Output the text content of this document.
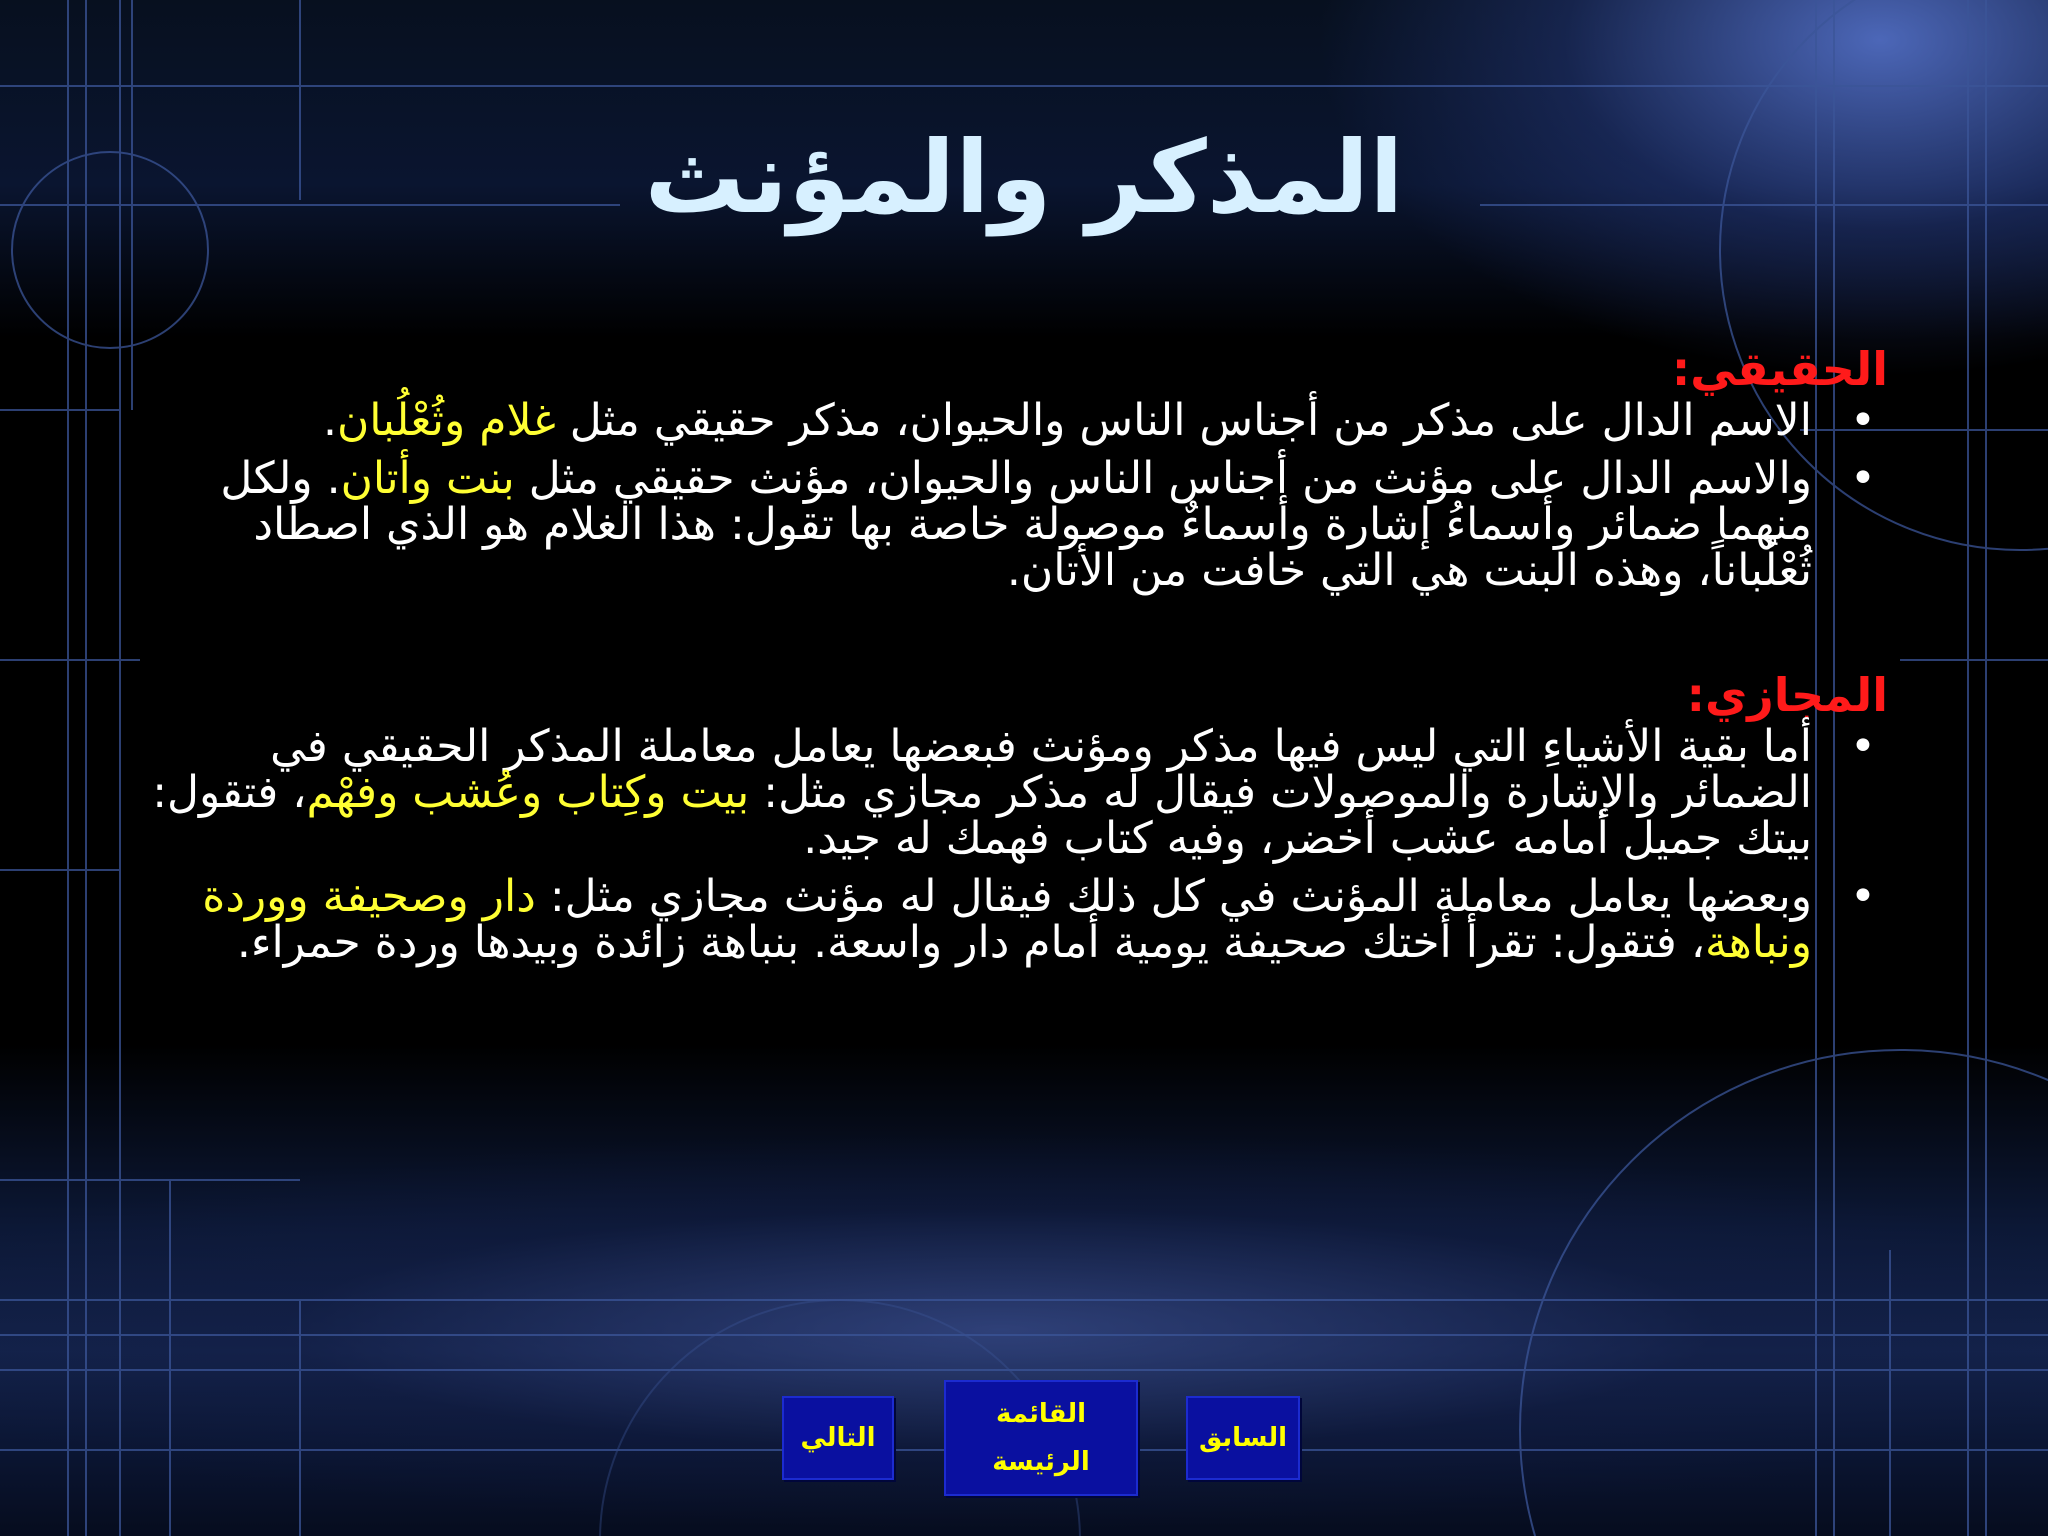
المذكر والمؤنث
الحقيقي:
•
الاسم الدال على مذكر من أجناس الناس والحيوان، مذكر حقيقي مثل غلام وثُعْلُبان.
•
والاسم الدال على مؤنث من أجناس الناس والحيوان، مؤنث حقيقي مثل بنت وأتان. ولكل منهما ضمائر وأسماءُ إشارة وأسماءٌ موصولة خاصة بها تقول: هذا الغلام هو الذي اصطاد ثُعْلُباناً، وهذه البنت هي التي خافت من الأتان.
المجازي:
•
أما بقية الأشياءِ التي ليس فيها مذكر ومؤنث فبعضها يعامل معاملة المذكر الحقيقي في الضمائر والإشارة والموصولات فيقال له مذكر مجازي مثل: بيت وكِتاب وعُشب وفهْم، فتقول: بيتك جميل أمامه عشب أخضر، وفيه كتاب فهمك له جيد.
•
وبعضها يعامل معاملة المؤنث في كل ذلك فيقال له مؤنث مجازي مثل: دار وصحيفة ووردة ونباهة، فتقول: تقرأ أختك صحيفة يومية أمام دار واسعة. بنباهة زائدة وبيدها وردة حمراء.
التالي
القائمة
الرئيسة
السابق
